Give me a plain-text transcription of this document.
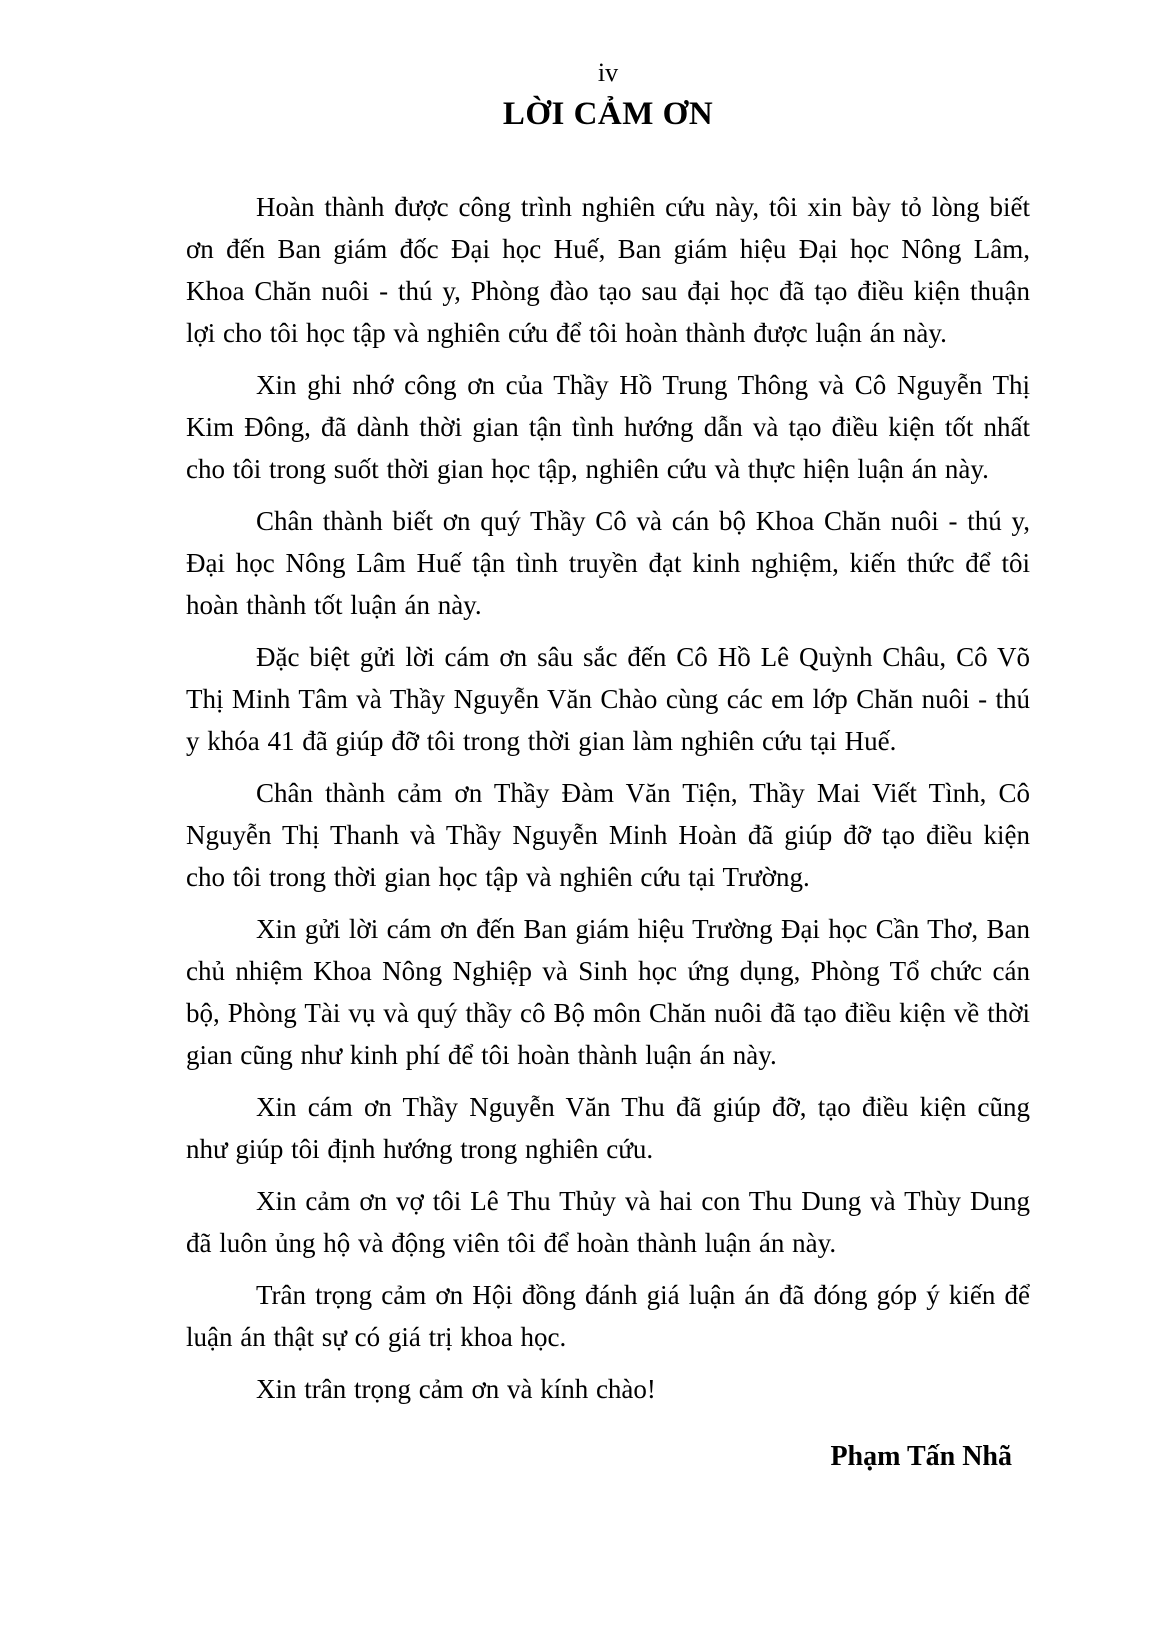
iv
LỜI CẢM ƠN

Hoàn thành được công trình nghiên cứu này, tôi xin bày tỏ lòng biết ơn đến Ban giám đốc Đại học Huế, Ban giám hiệu Đại học Nông Lâm, Khoa Chăn nuôi - thú y, Phòng đào tạo sau đại học đã tạo điều kiện thuận lợi cho tôi học tập và nghiên cứu để tôi hoàn thành được luận án này.

Xin ghi nhớ công ơn của Thầy Hồ Trung Thông và Cô Nguyễn Thị Kim Đông, đã dành thời gian tận tình hướng dẫn và tạo điều kiện tốt nhất cho tôi trong suốt thời gian học tập, nghiên cứu và thực hiện luận án này.

Chân thành biết ơn quý Thầy Cô và cán bộ Khoa Chăn nuôi - thú y, Đại học Nông Lâm Huế tận tình truyền đạt kinh nghiệm, kiến thức để tôi hoàn thành tốt luận án này.

Đặc biệt gửi lời cám ơn sâu sắc đến Cô Hồ Lê Quỳnh Châu, Cô Võ Thị Minh Tâm và Thầy Nguyễn Văn Chào cùng các em lớp Chăn nuôi - thú y khóa 41 đã giúp đỡ tôi trong thời gian làm nghiên cứu tại Huế.

Chân thành cảm ơn Thầy Đàm Văn Tiện, Thầy Mai Viết Tình, Cô Nguyễn Thị Thanh và Thầy Nguyễn Minh Hoàn đã giúp đỡ tạo điều kiện cho tôi trong thời gian học tập và nghiên cứu tại Trường.

Xin gửi lời cám ơn đến Ban giám hiệu Trường Đại học Cần Thơ, Ban chủ nhiệm Khoa Nông Nghiệp và Sinh học ứng dụng, Phòng Tổ chức cán bộ, Phòng Tài vụ và quý thầy cô Bộ môn Chăn nuôi đã tạo điều kiện về thời gian cũng như kinh phí để tôi hoàn thành luận án này.

Xin cám ơn Thầy Nguyễn Văn Thu đã giúp đỡ, tạo điều kiện cũng như giúp tôi định hướng trong nghiên cứu.

Xin cảm ơn vợ tôi Lê Thu Thủy và hai con Thu Dung và Thùy Dung đã luôn ủng hộ và động viên tôi để hoàn thành luận án này.

Trân trọng cảm ơn Hội đồng đánh giá luận án đã đóng góp ý kiến để luận án thật sự có giá trị khoa học.

Xin trân trọng cảm ơn và kính chào!

Phạm Tấn Nhã
